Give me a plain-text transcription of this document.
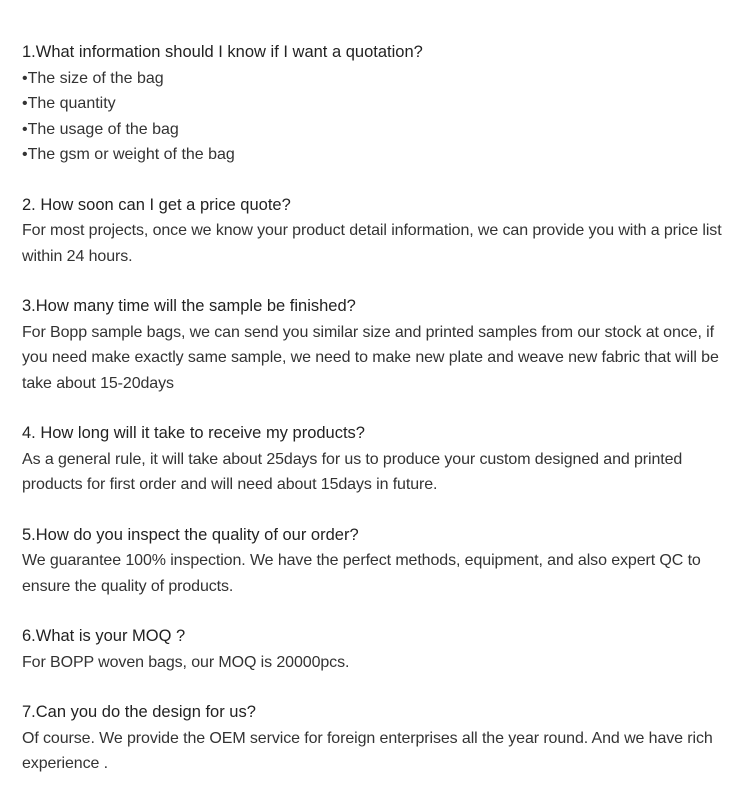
1.What information should I know if I want a quotation?

•The size of the bag
•The quantity
•The usage of the bag
•The gsm or weight of the bag

2. How soon can I get a price quote?

For most projects, once we know your product detail information, we can provide you with a price list within 24 hours.

3.How many time will the sample be finished?

For Bopp sample bags, we can send you similar size and printed samples from our stock at once, if you need make exactly same sample, we need to make new plate and weave new fabric that will be take about 15-20days

4. How long will it take to receive my products?

As a general rule, it will take about 25days for us to produce your custom designed and printed products for first order and will need about 15days in future.

5.How do you inspect the quality of our order?

We guarantee 100% inspection. We have the perfect methods, equipment, and also expert QC to ensure the quality of products.

6.What is your MOQ ?

For BOPP woven bags, our MOQ is 20000pcs.

7.Can you do the design for us?

Of course. We provide the OEM service for foreign enterprises all the year round. And we have rich experience .
